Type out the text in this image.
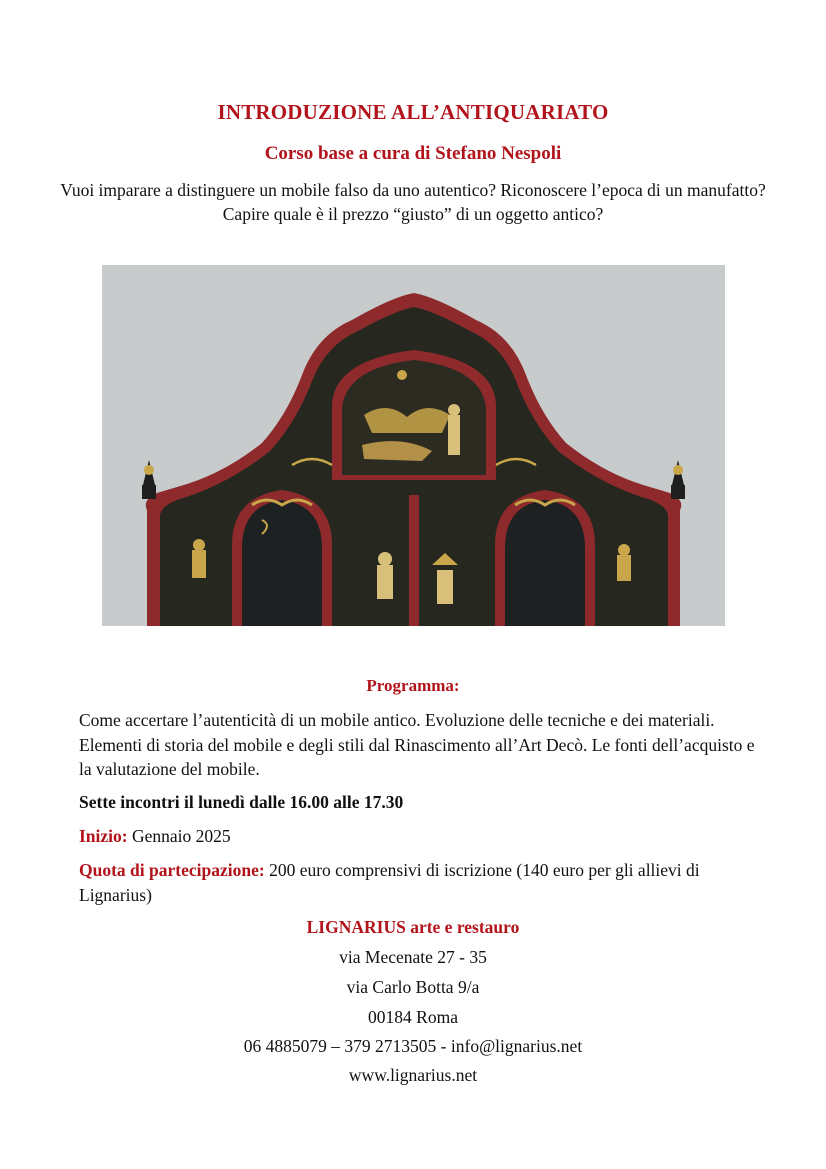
INTRODUZIONE ALL’ANTIQUARIATO
Corso base a cura di Stefano Nespoli
Vuoi imparare a distinguere un mobile falso da uno autentico? Riconoscere l’epoca di un manufatto? Capire quale è il prezzo “giusto” di un oggetto antico?
Programma:
Come accertare l’autenticità di un mobile antico. Evoluzione delle tecniche e dei materiali. Elementi di storia del mobile e degli stili dal Rinascimento all’Art Decò. Le fonti dell’acquisto e la valutazione del mobile.
Sette incontri il lunedì dalle 16.00 alle 17.30
Inizio: Gennaio 2025
Quota di partecipazione: 200 euro comprensivi di iscrizione (140 euro per gli allievi di Lignarius)
LIGNARIUS arte e restauro
via Mecenate 27 - 35
via Carlo Botta 9/a
00184 Roma
06 4885079 – 379 2713505 - info@lignarius.net
www.lignarius.net
